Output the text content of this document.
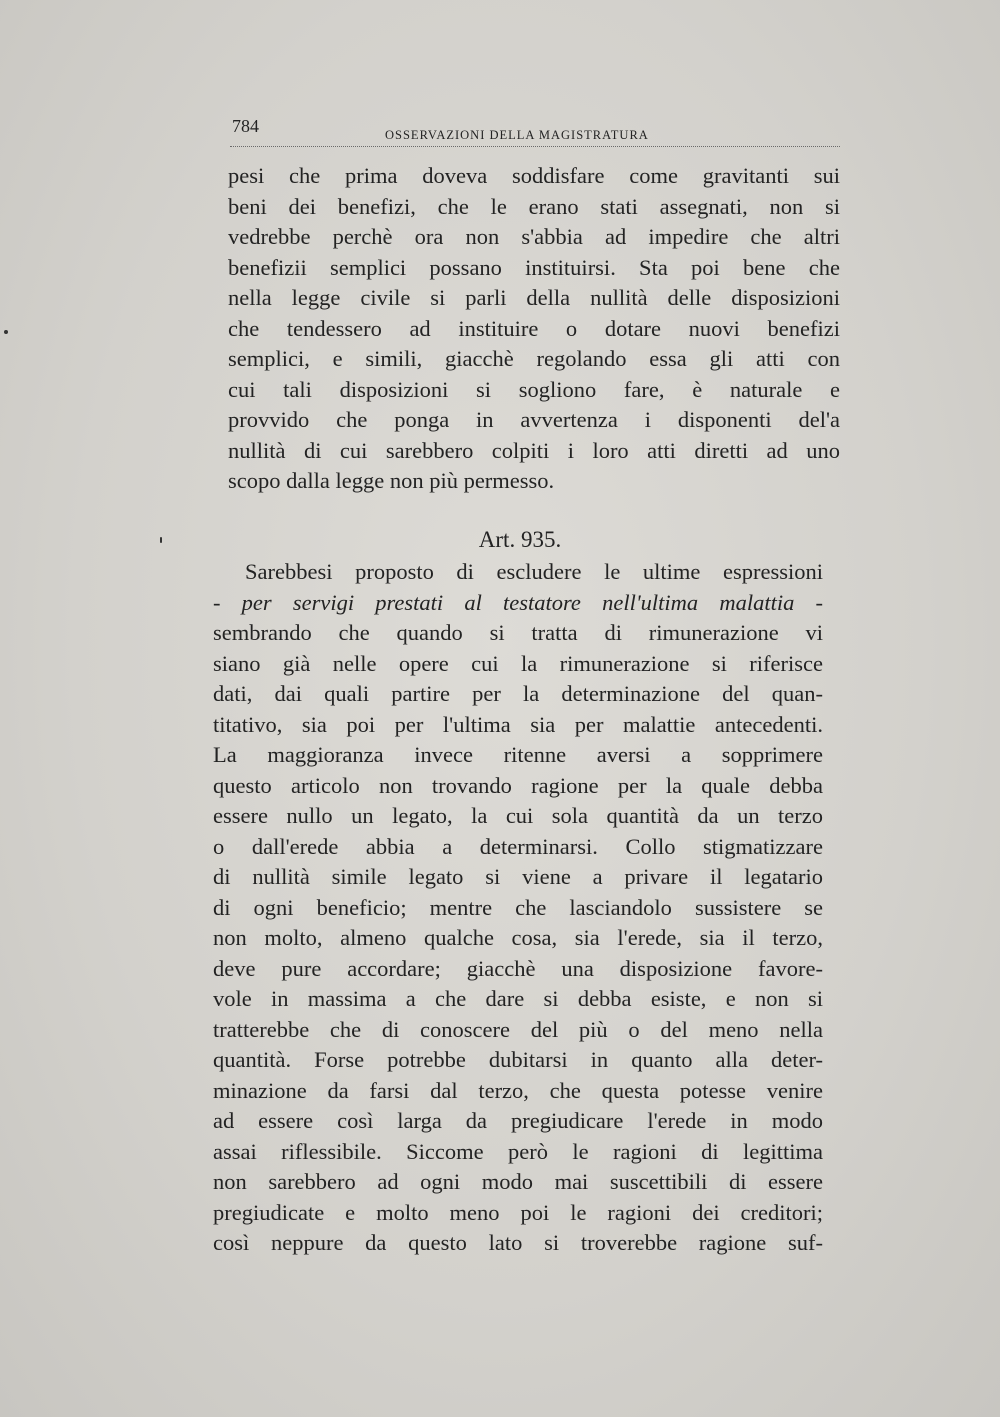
784	OSSERVAZIONI DELLA MAGISTRATURA
pesi che prima doveva soddisfare come gravitanti sui
beni dei benefizi, che le erano stati assegnati, non si
vedrebbe perchè ora non s'abbia ad impedire che altri
benefizii semplici possano instituirsi. Sta poi bene che
nella legge civile si parli della nullità delle disposizioni
che tendessero ad instituire o dotare nuovi benefizi
semplici, e simili, giacchè regolando essa gli atti con
cui tali disposizioni si sogliono fare, è naturale e
provvido che ponga in avvertenza i disponenti del'a
nullità di cui sarebbero colpiti i loro atti diretti ad uno
scopo dalla legge non più permesso.
Art. 935.
Sarebbesi proposto di escludere le ultime espressioni
- per servigi prestati al testatore nell'ultima malattia -
sembrando che quando si tratta di rimunerazione vi
siano già nelle opere cui la rimunerazione si riferisce
dati, dai quali partire per la determinazione del quan-
titativo, sia poi per l'ultima sia per malattie antecedenti.
La maggioranza invece ritenne aversi a sopprimere
questo articolo non trovando ragione per la quale debba
essere nullo un legato, la cui sola quantità da un terzo
o dall'erede abbia a determinarsi. Collo stigmatizzare
di nullità simile legato si viene a privare il legatario
di ogni beneficio; mentre che lasciandolo sussistere se
non molto, almeno qualche cosa, sia l'erede, sia il terzo,
deve pure accordare; giacchè una disposizione favore-
vole in massima a che dare si debba esiste, e non si
tratterebbe che di conoscere del più o del meno nella
quantità. Forse potrebbe dubitarsi in quanto alla deter-
minazione da farsi dal terzo, che questa potesse venire
ad essere così larga da pregiudicare l'erede in modo
assai riflessibile. Siccome però le ragioni di legittima
non sarebbero ad ogni modo mai suscettibili di essere
pregiudicate e molto meno poi le ragioni dei creditori;
così neppure da questo lato si troverebbe ragione suf-
